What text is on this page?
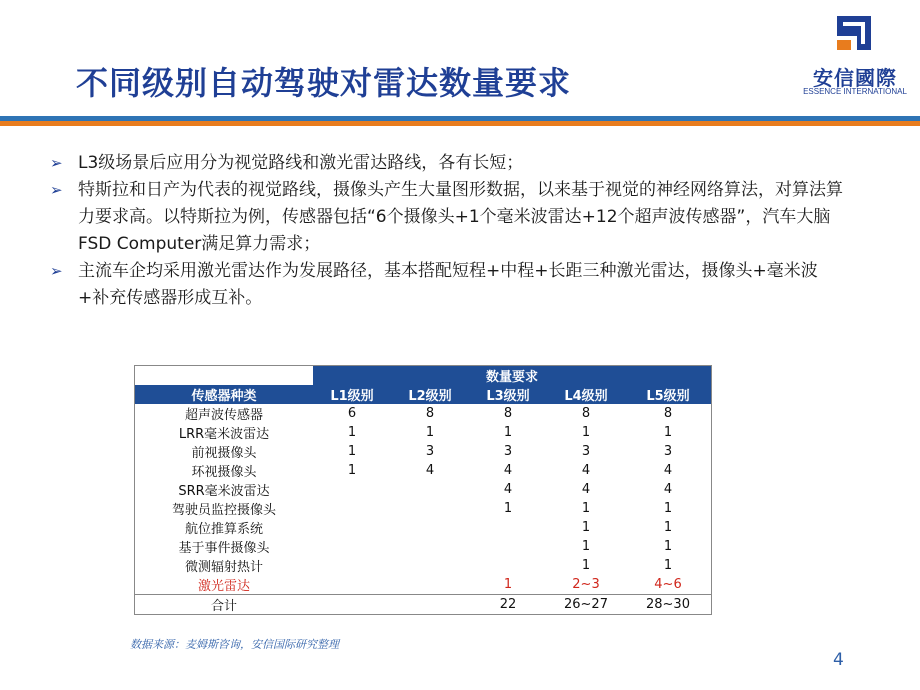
不同级别自动驾驶对雷达数量要求	安信國際
ESSENCE INTERNATIONAL
➢ L3级场景后应用分为视觉路线和激光雷达路线，各有长短；
➢ 特斯拉和日产为代表的视觉路线，摄像头产生大量图形数据，以来基于视觉的神经网络算法，对算法算力要求高。以特斯拉为例，传感器包括“6个摄像头+1个毫米波雷达+12个超声波传感器”，汽车大脑FSD Computer满足算力需求；
➢ 主流车企均采用激光雷达作为发展路径，基本搭配短程+中程+长距三种激光雷达，摄像头+毫米波+补充传感器形成互补。
	数量要求				
传感器种类	L1级别	L2级别	L3级别	L4级别	L5级别
超声波传感器	6	8	8	8	8
LRR毫米波雷达	1	1	1	1	1
前视摄像头	1	3	3	3	3
环视摄像头	1	4	4	4	4
SRR毫米波雷达			4	4	4
驾驶员监控摄像头			1	1	1
航位推算系统				1	1
基于事件摄像头				1	1
微测辐射热计				1	1
激光雷达			1	2~3	4~6
合计			22	26~27	28~30
数据来源：麦姆斯咨询，安信国际研究整理
4
